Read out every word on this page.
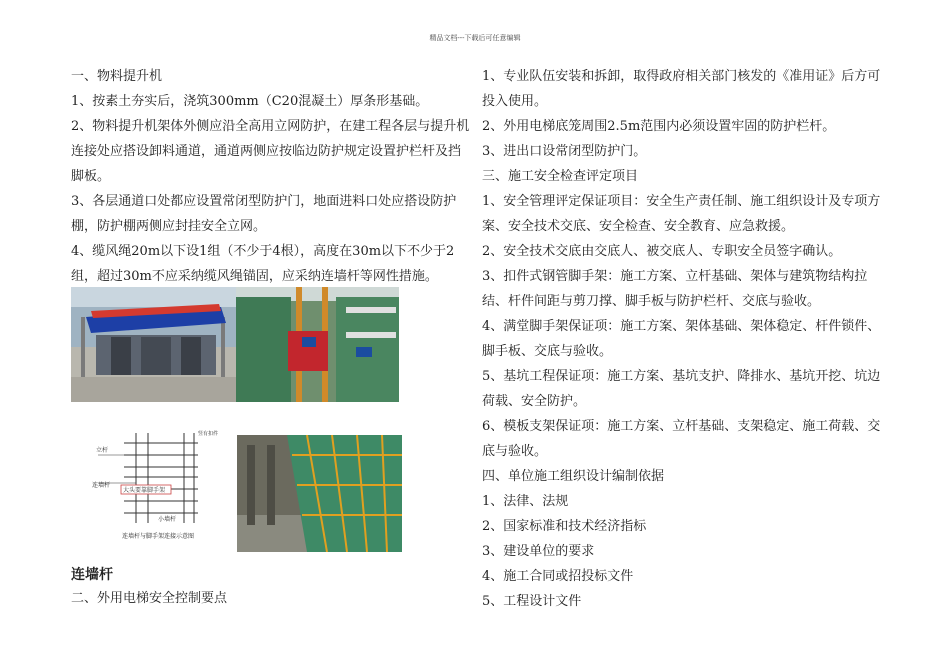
精品文档---下载后可任意编辑

一、物料提升机

1、按素土夯实后，浇筑300mm（C20混凝土）厚条形基础。

2、物料提升机架体外侧应沿全高用立网防护，在建工程各层与提升机连接处应搭设卸料通道，通道两侧应按临边防护规定设置护栏杆及挡脚板。

3、各层通道口处都应设置常闭型防护门，地面进料口处应搭设防护棚，防护棚两侧应封挂安全立网。

4、缆风绳20m以下设1组（不少于4根），高度在30m以下不少于2组，超过30m不应采纳缆风绳锚固，应采纳连墙杆等网性措施。

立杆
连墙杆
大头要靠脚手架
小墙杆
竖有扣件
连墙杆与脚手架连接示意图
连墙杆
二、外用电梯安全控制要点

1、专业队伍安装和拆卸，取得政府相关部门核发的《准用证》后方可投入使用。

2、外用电梯底笼周围2.5m范围内必须设置牢固的防护栏杆。

3、进出口设常闭型防护门。

三、施工安全检查评定项目

1、安全管理评定保证项目：安全生产责任制、施工组织设计及专项方案、安全技术交底、安全检查、安全教育、应急救援。

2、安全技术交底由交底人、被交底人、专职安全员签字确认。

3、扣件式钢管脚手架：施工方案、立杆基础、架体与建筑物结构拉结、杆件间距与剪刀撑、脚手板与防护栏杆、交底与验收。

4、满堂脚手架保证项：施工方案、架体基础、架体稳定、杆件锁件、脚手板、交底与验收。

5、基坑工程保证项：施工方案、基坑支护、降排水、基坑开挖、坑边荷载、安全防护。

6、模板支架保证项：施工方案、立杆基础、支架稳定、施工荷载、交底与验收。

四、单位施工组织设计编制依据

1、法律、法规

2、国家标准和技术经济指标

3、建设单位的要求

4、施工合同或招投标文件

5、工程设计文件
